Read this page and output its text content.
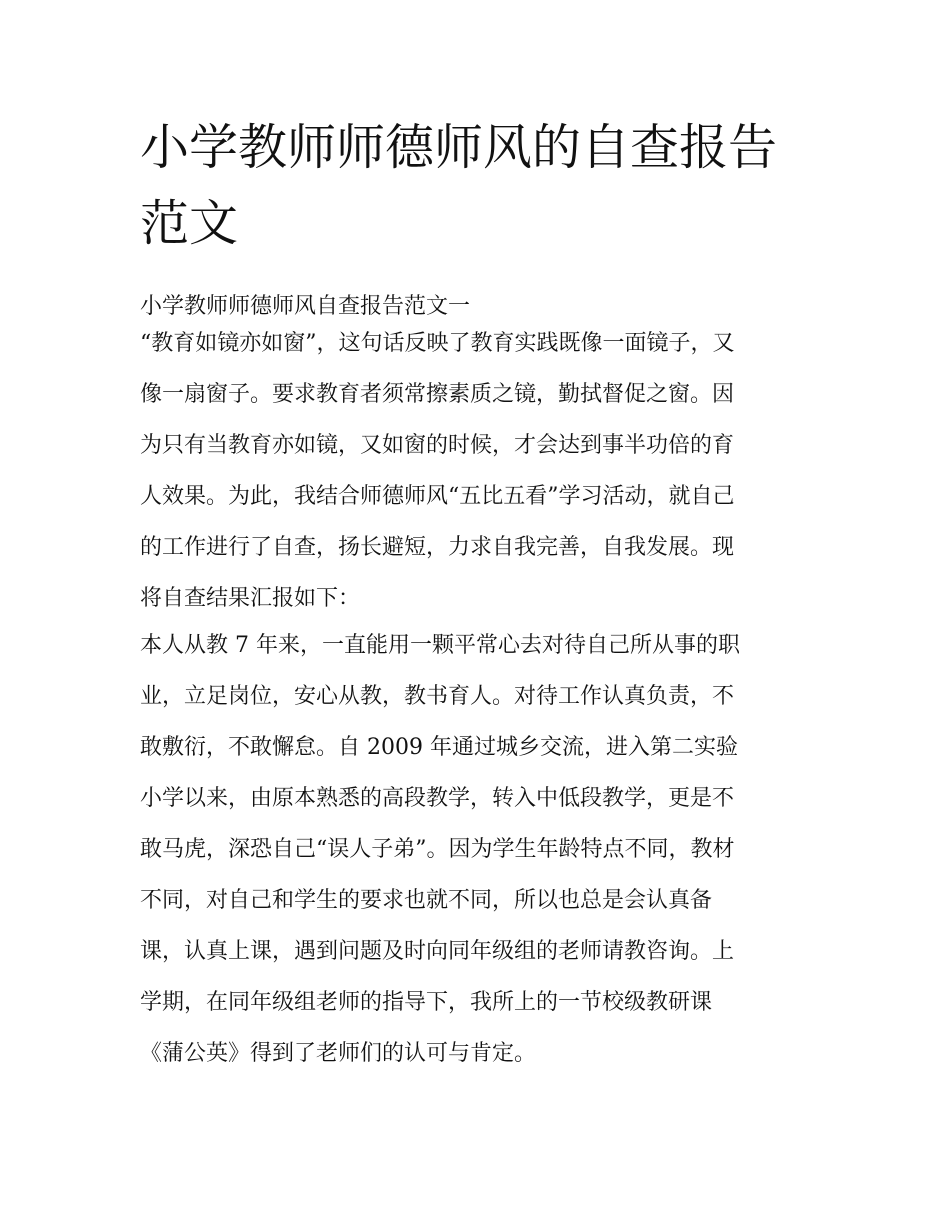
小学教师师德师风的自查报告
范文
小学教师师德师风自查报告范文一
“教育如镜亦如窗”，这句话反映了教育实践既像一面镜子，又
像一扇窗子。要求教育者须常擦素质之镜，勤拭督促之窗。因
为只有当教育亦如镜，又如窗的时候，才会达到事半功倍的育
人效果。为此，我结合师德师风“五比五看”学习活动，就自己
的工作进行了自查，扬长避短，力求自我完善，自我发展。现
将自查结果汇报如下：
本人从教 7 年来，一直能用一颗平常心去对待自己所从事的职
业，立足岗位，安心从教，教书育人。对待工作认真负责，不
敢敷衍，不敢懈怠。自 2009 年通过城乡交流，进入第二实验
小学以来，由原本熟悉的高段教学，转入中低段教学，更是不
敢马虎，深恐自己“误人子弟”。因为学生年龄特点不同，教材
不同，对自己和学生的要求也就不同，所以也总是会认真备
课，认真上课，遇到问题及时向同年级组的老师请教咨询。上
学期，在同年级组老师的指导下，我所上的一节校级教研课
《蒲公英》得到了老师们的认可与肯定。
